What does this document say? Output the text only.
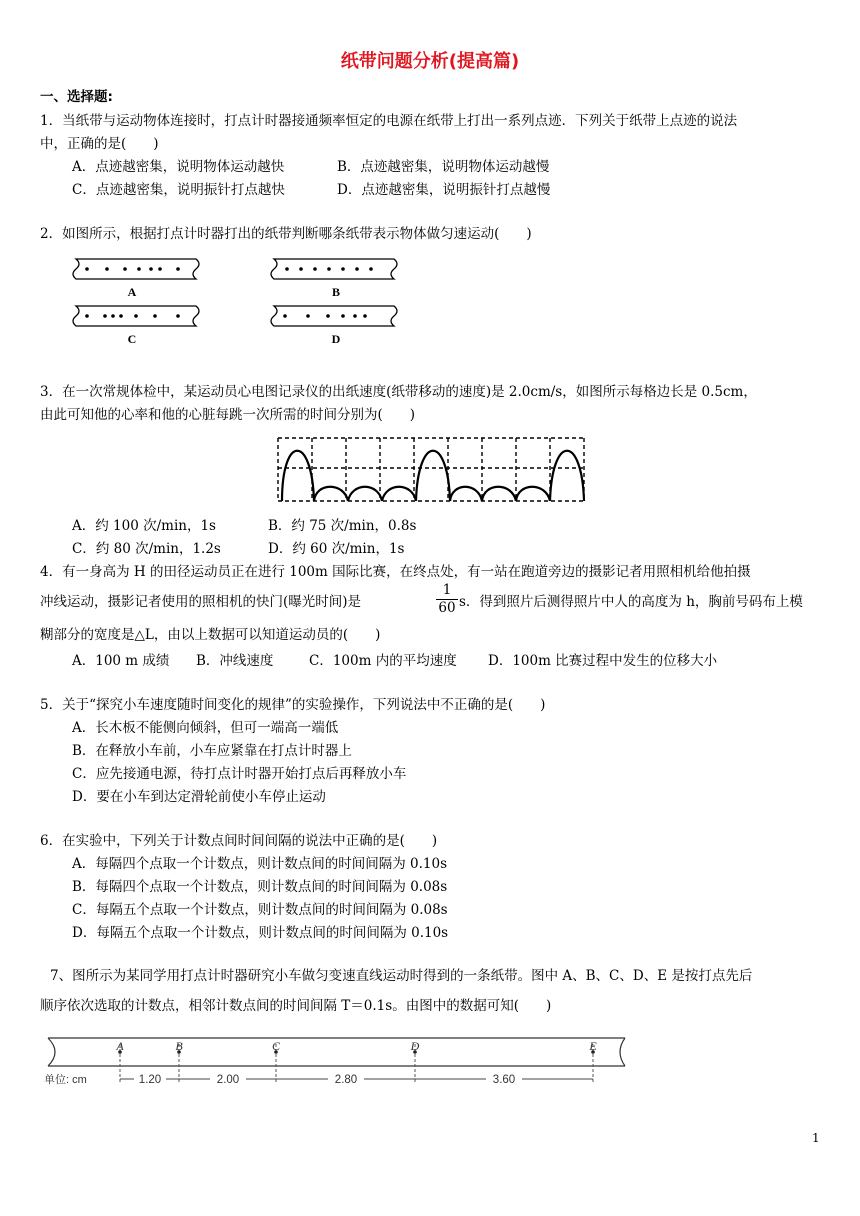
纸带问题分析(提高篇)
一、选择题:
1．当纸带与运动物体连接时，打点计时器接通频率恒定的电源在纸带上打出一系列点迹．下列关于纸带上点迹的说法
中，正确的是(　　)
A．点迹越密集，说明物体运动越快	B．点迹越密集，说明物体运动越慢
C．点迹越密集，说明振针打点越快	D．点迹越密集，说明振针打点越慢
2．如图所示，根据打点计时器打出的纸带判断哪条纸带表示物体做匀速运动(　　)
A	B
C	D
3．在一次常规体检中，某运动员心电图记录仪的出纸速度(纸带移动的速度)是 2.0cm/s，如图所示每格边长是 0.5cm，
由此可知他的心率和他的心脏每跳一次所需的时间分别为(　　)
A．约 100 次/min，1s	B．约 75 次/min，0.8s
C．约 80 次/min，1.2s	D．约 60 次/min，1s
4．有一身高为 H 的田径运动员正在进行 100m 国际比赛，在终点处，有一站在跑道旁边的摄影记者用照相机给他拍摄
冲线运动，摄影记者使用的照相机的快门(曝光时间)是	$\frac{1}{60}$ s．得到照片后测得照片中人的高度为 h，胸前号码布上模
糊部分的宽度是△L，由以上数据可以知道运动员的(　　)
A．100 m 成绩 B．冲线速度	C．100m 内的平均速度 D．100m 比赛过程中发生的位移大小
5．关于“探究小车速度随时间变化的规律”的实验操作，下列说法中不正确的是(　　)
A．长木板不能侧向倾斜，但可一端高一端低
B．在释放小车前，小车应紧靠在打点计时器上
C．应先接通电源，待打点计时器开始打点后再释放小车
D．要在小车到达定滑轮前使小车停止运动
6．在实验中，下列关于计数点间时间间隔的说法中正确的是(　　)
A．每隔四个点取一个计数点，则计数点间的时间间隔为 0.10s
B．每隔四个点取一个计数点，则计数点间的时间间隔为 0.08s
C．每隔五个点取一个计数点，则计数点间的时间间隔为 0.08s
D．每隔五个点取一个计数点，则计数点间的时间间隔为 0.10s
7、图所示为某同学用打点计时器研究小车做匀变速直线运动时得到的一条纸带。图中 A、B、C、D、E 是按打点先后
顺序依次选取的计数点，相邻计数点间的时间间隔 T＝0.1s。由图中的数据可知(　　)
A	B	C	D	E
单位: cm	1.20	2.00	2.80	3.60
1
